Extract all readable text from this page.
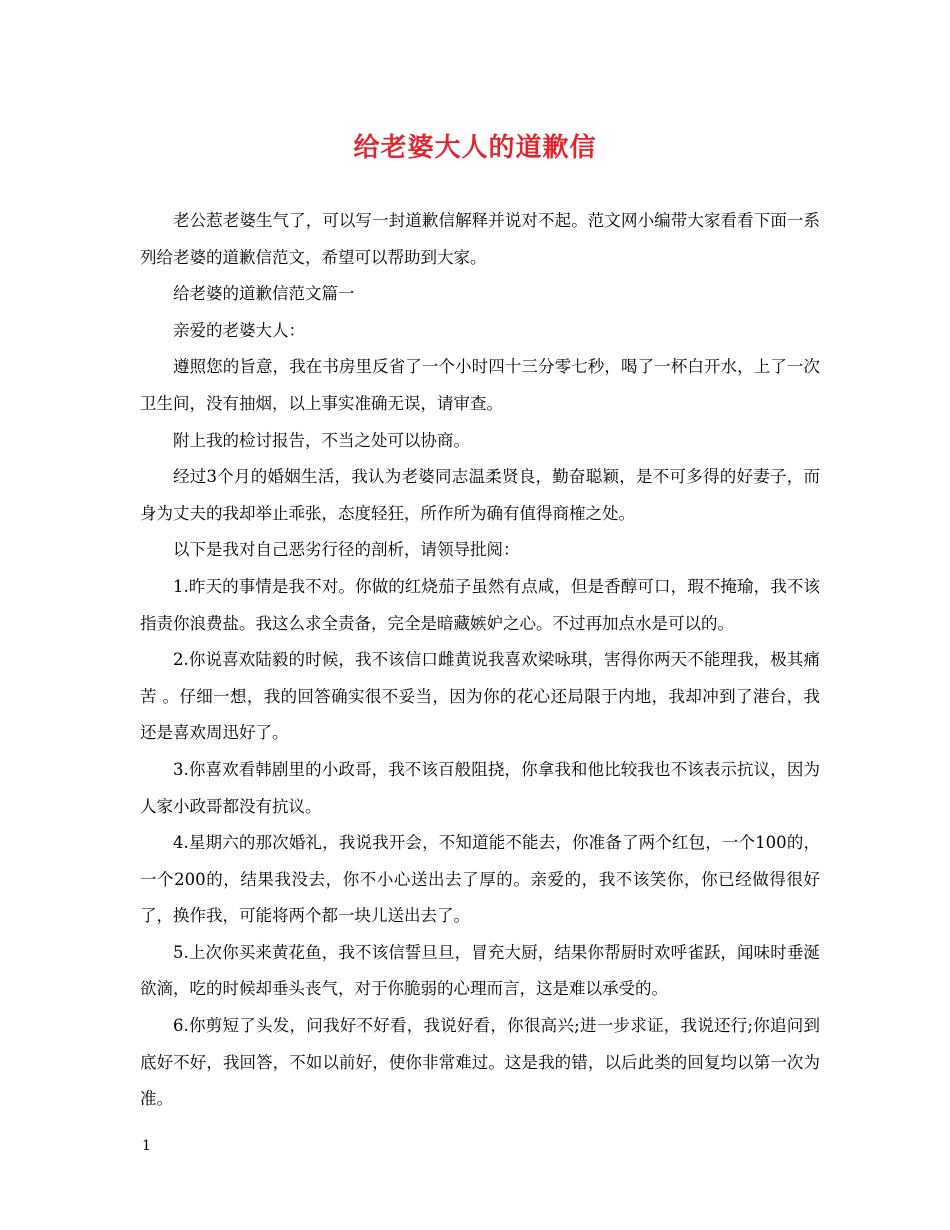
给老婆大人的道歉信

老公惹老婆生气了，可以写一封道歉信解释并说对不起。范文网小编带大家看看下面一系列给老婆的道歉信范文，希望可以帮助到大家。

给老婆的道歉信范文篇一

亲爱的老婆大人：

遵照您的旨意，我在书房里反省了一个小时四十三分零七秒，喝了一杯白开水，上了一次卫生间，没有抽烟，以上事实准确无误，请审查。

附上我的检讨报告，不当之处可以协商。

经过3个月的婚姻生活，我认为老婆同志温柔贤良，勤奋聪颖，是不可多得的好妻子，而身为丈夫的我却举止乖张，态度轻狂，所作所为确有值得商榷之处。

以下是我对自己恶劣行径的剖析，请领导批阅：

1.昨天的事情是我不对。你做的红烧茄子虽然有点咸，但是香醇可口，瑕不掩瑜，我不该指责你浪费盐。我这么求全责备，完全是暗藏嫉妒之心。不过再加点水是可以的。

2.你说喜欢陆毅的时候，我不该信口雌黄说我喜欢梁咏琪，害得你两天不能理我，极其痛苦 。仔细一想，我的回答确实很不妥当，因为你的花心还局限于内地，我却冲到了港台，我还是喜欢周迅好了。

3.你喜欢看韩剧里的小政哥，我不该百般阻挠，你拿我和他比较我也不该表示抗议，因为人家小政哥都没有抗议。

4.星期六的那次婚礼，我说我开会，不知道能不能去，你准备了两个红包，一个100的，一个200的，结果我没去，你不小心送出去了厚的。亲爱的，我不该笑你，你已经做得很好了，换作我，可能将两个都一块儿送出去了。

5.上次你买来黄花鱼，我不该信誓旦旦，冒充大厨，结果你帮厨时欢呼雀跃，闻味时垂涎欲滴，吃的时候却垂头丧气，对于你脆弱的心理而言，这是难以承受的。

6.你剪短了头发，问我好不好看，我说好看，你很高兴;进一步求证，我说还行;你追问到底好不好，我回答，不如以前好，使你非常难过。这是我的错，以后此类的回复均以第一次为准。

1
